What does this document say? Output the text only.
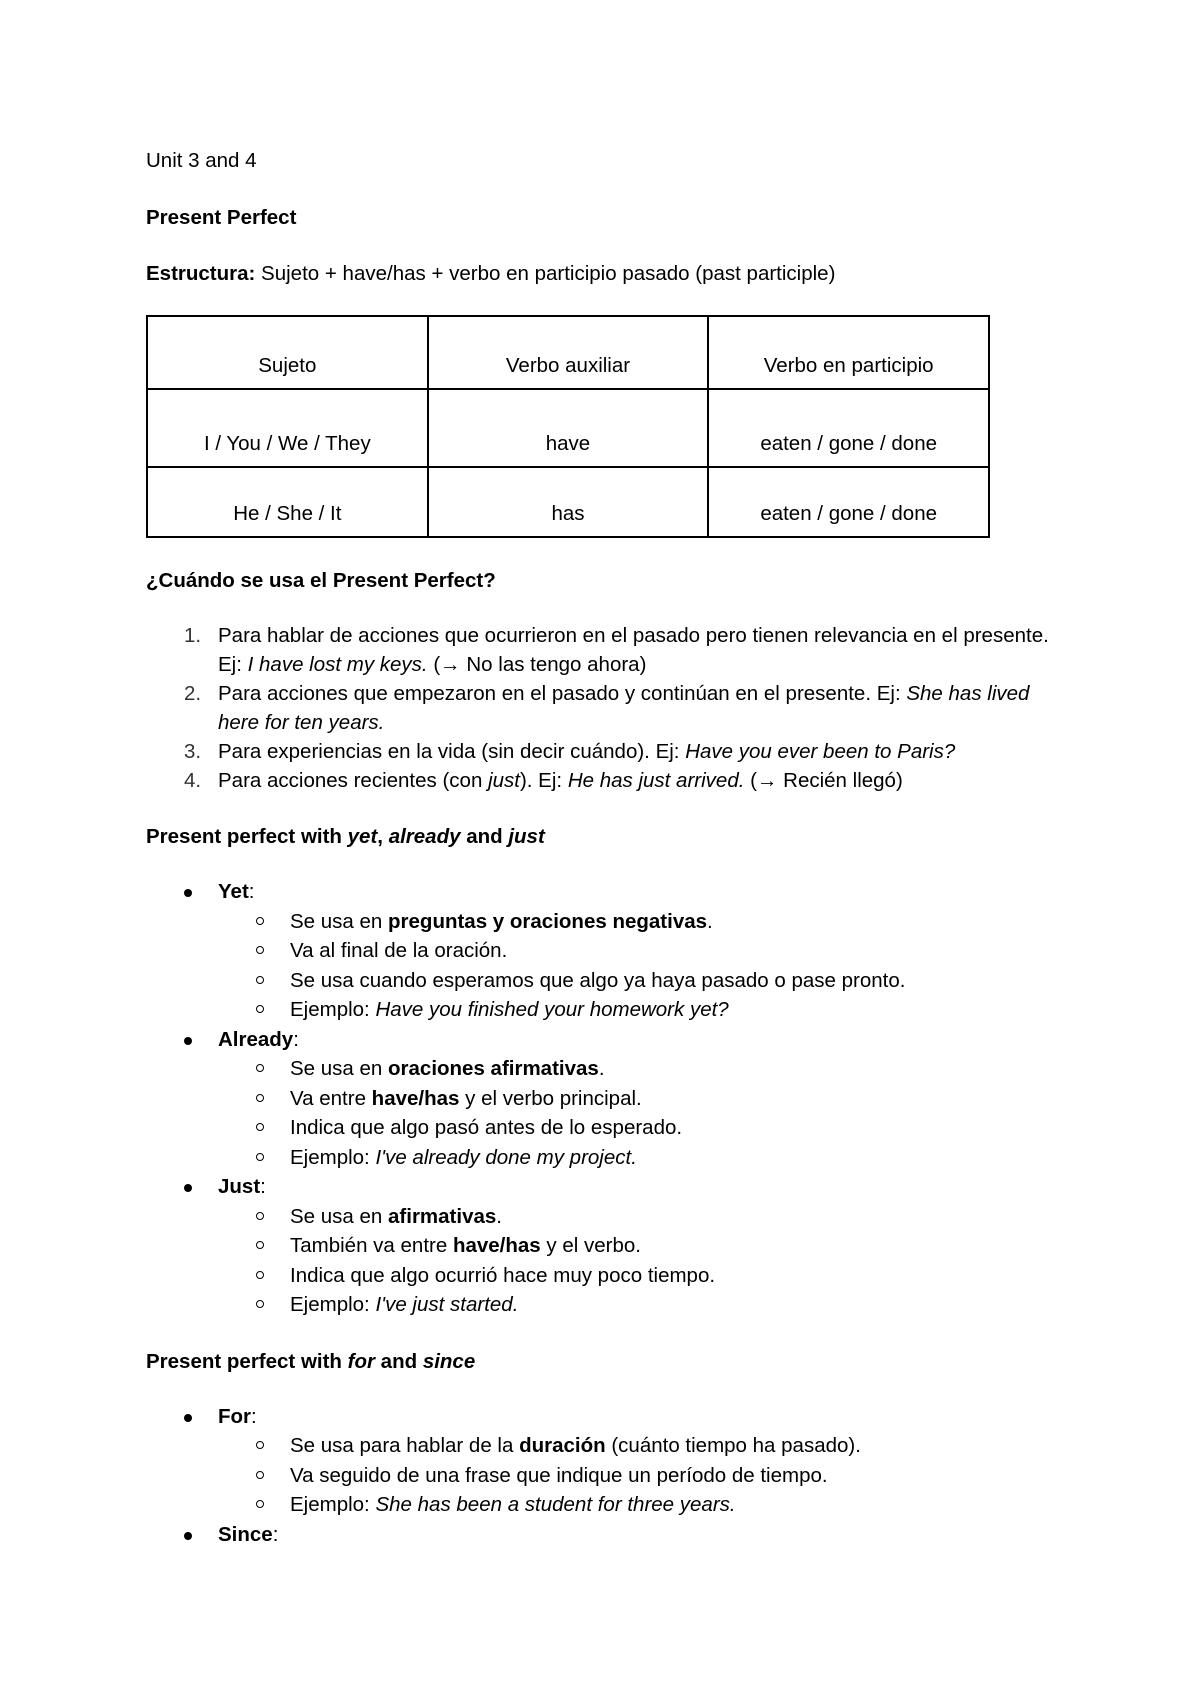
Unit 3 and 4

Present Perfect

Estructura: Sujeto + have/has + verbo en participio pasado (past participle)

Sujeto	Verbo auxiliar	Verbo en participio
I / You / We / They	have	eaten / gone / done
He / She / It	has	eaten / gone / done

¿Cuándo se usa el Present Perfect?

1. Para hablar de acciones que ocurrieron en el pasado pero tienen relevancia en el presente. Ej: I have lost my keys. (→ No las tengo ahora)
2. Para acciones que empezaron en el pasado y continúan en el presente. Ej: She has lived here for ten years.
3. Para experiencias en la vida (sin decir cuándo). Ej: Have you ever been to Paris?
4. Para acciones recientes (con just). Ej: He has just arrived. (→ Recién llegó)

Present perfect with yet, already and just

Yet:
Se usa en preguntas y oraciones negativas.
Va al final de la oración.
Se usa cuando esperamos que algo ya haya pasado o pase pronto.
Ejemplo: Have you finished your homework yet?
Already:
Se usa en oraciones afirmativas.
Va entre have/has y el verbo principal.
Indica que algo pasó antes de lo esperado.
Ejemplo: I've already done my project.
Just:
Se usa en afirmativas.
También va entre have/has y el verbo.
Indica que algo ocurrió hace muy poco tiempo.
Ejemplo: I've just started.

Present perfect with for and since

For:
Se usa para hablar de la duración (cuánto tiempo ha pasado).
Va seguido de una frase que indique un período de tiempo.
Ejemplo: She has been a student for three years.
Since:
